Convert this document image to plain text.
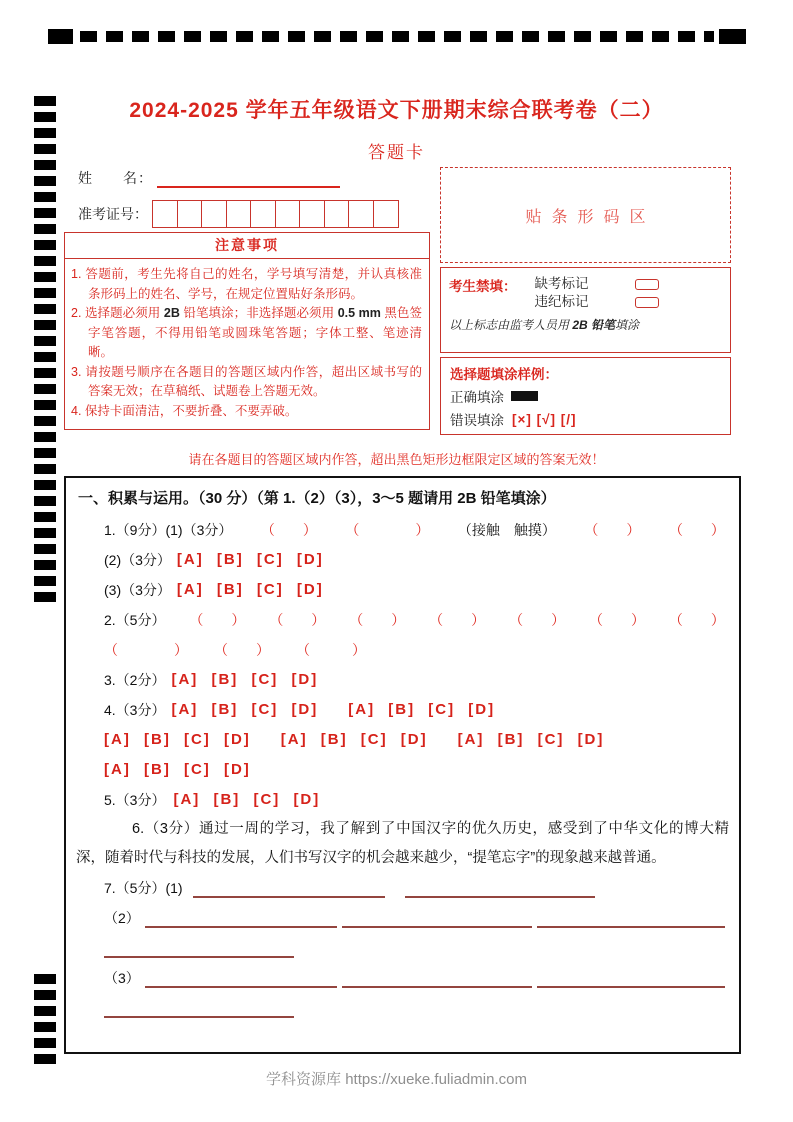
2024-2025 学年五年级语文下册期末综合联考卷（二）
答题卡
姓　　名：
准考证号：
注意事项
1. 答题前，考生先将自己的姓名，学号填写清楚，并认真核准条形码上的姓名、学号，在规定位置贴好条形码。
2. 选择题必须用 2B 铅笔填涂；非选择题必须用 0.5 mm 黑色签字笔答题，不得用铅笔或圆珠笔答题；字体工整、笔迹清晰。
3. 请按题号顺序在各题目的答题区域内作答，超出区域书写的答案无效；在草稿纸、试题卷上答题无效。
4. 保持卡面清洁，不要折叠、不要弄破。
贴条形码区
考生禁填： 缺考标记
违纪标记
以上标志由监考人员用 2B 铅笔填涂
选择题填涂样例：
正确填涂
错误填涂 [×] [√] [/]
请在各题目的答题区域内作答，超出黑色矩形边框限定区域的答案无效！
一、积累与运用。（30 分）（第 1.（2）（3），3～5 题请用 2B 铅笔填涂）
1.（9分）(1)（3分） （　　） （　　　　） （接触　触摸） （　　） （　　）
(2)（3分） [A] [B] [C] [D]
(3)（3分） [A] [B] [C] [D]
2.（5分） （　　） （　　） （　　） （　　） （　　） （　　） （　　）
（　　　　） （　　） （　　　）
3.（2分） [A] [B] [C] [D]
4.（3分） [A] [B] [C] [D] [A] [B] [C] [D]
[A] [B] [C] [D] [A] [B] [C] [D] [A] [B] [C] [D]
[A] [B] [C] [D]
5.（3分） [A] [B] [C] [D]
6.（3分）通过一周的学习，我了解到了中国汉字的优久历史，感受到了中华文化的博大精深，随着时代与科技的发展，人们书写汉字的机会越来越少，“提笔忘字”的现象越来越普通。
7.（5分）(1)
（2）
（3）
学科资源库 https://xueke.fuliadmin.com
